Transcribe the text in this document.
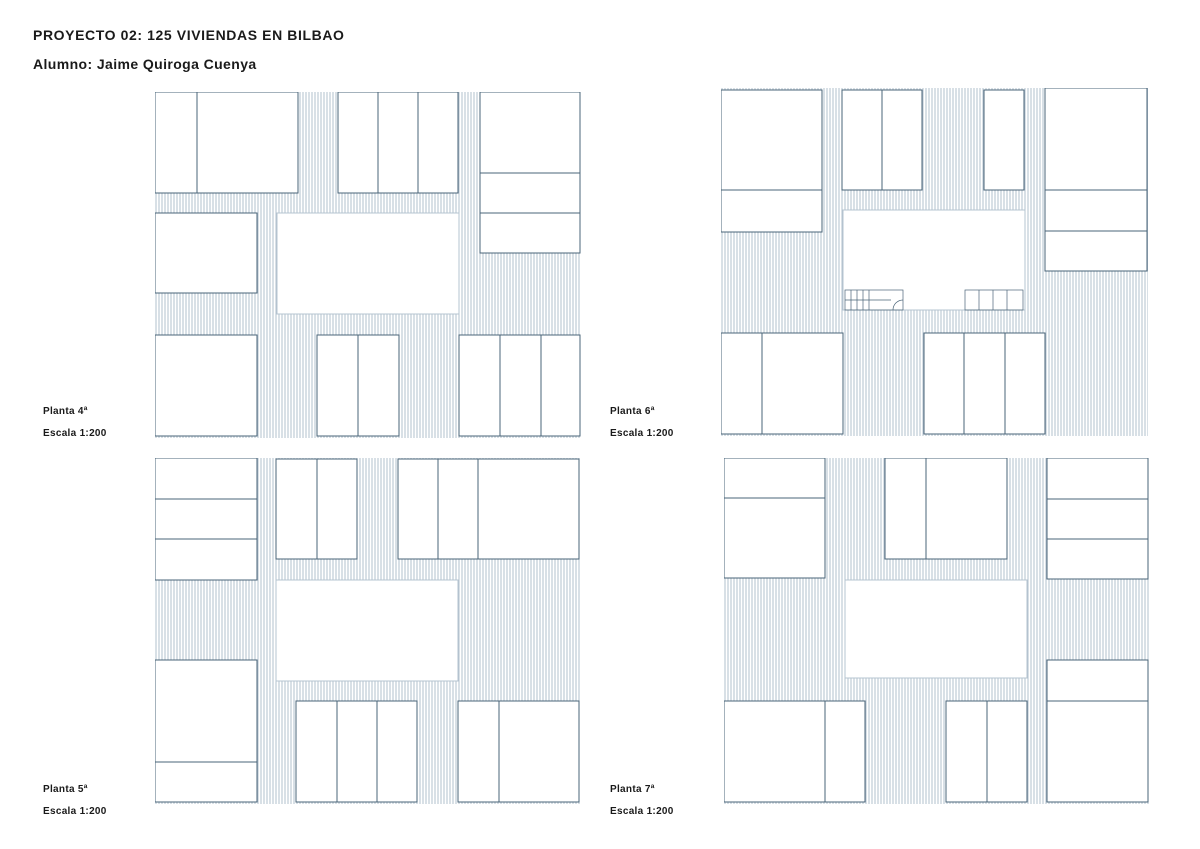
PROYECTO 02: 125 VIVIENDAS EN BILBAO
Alumno: Jaime Quiroga Cuenya
Planta 4ª
Escala 1:200
Planta 6ª
Escala 1:200
Planta 5ª
Escala 1:200
Planta 7ª
Escala 1:200
